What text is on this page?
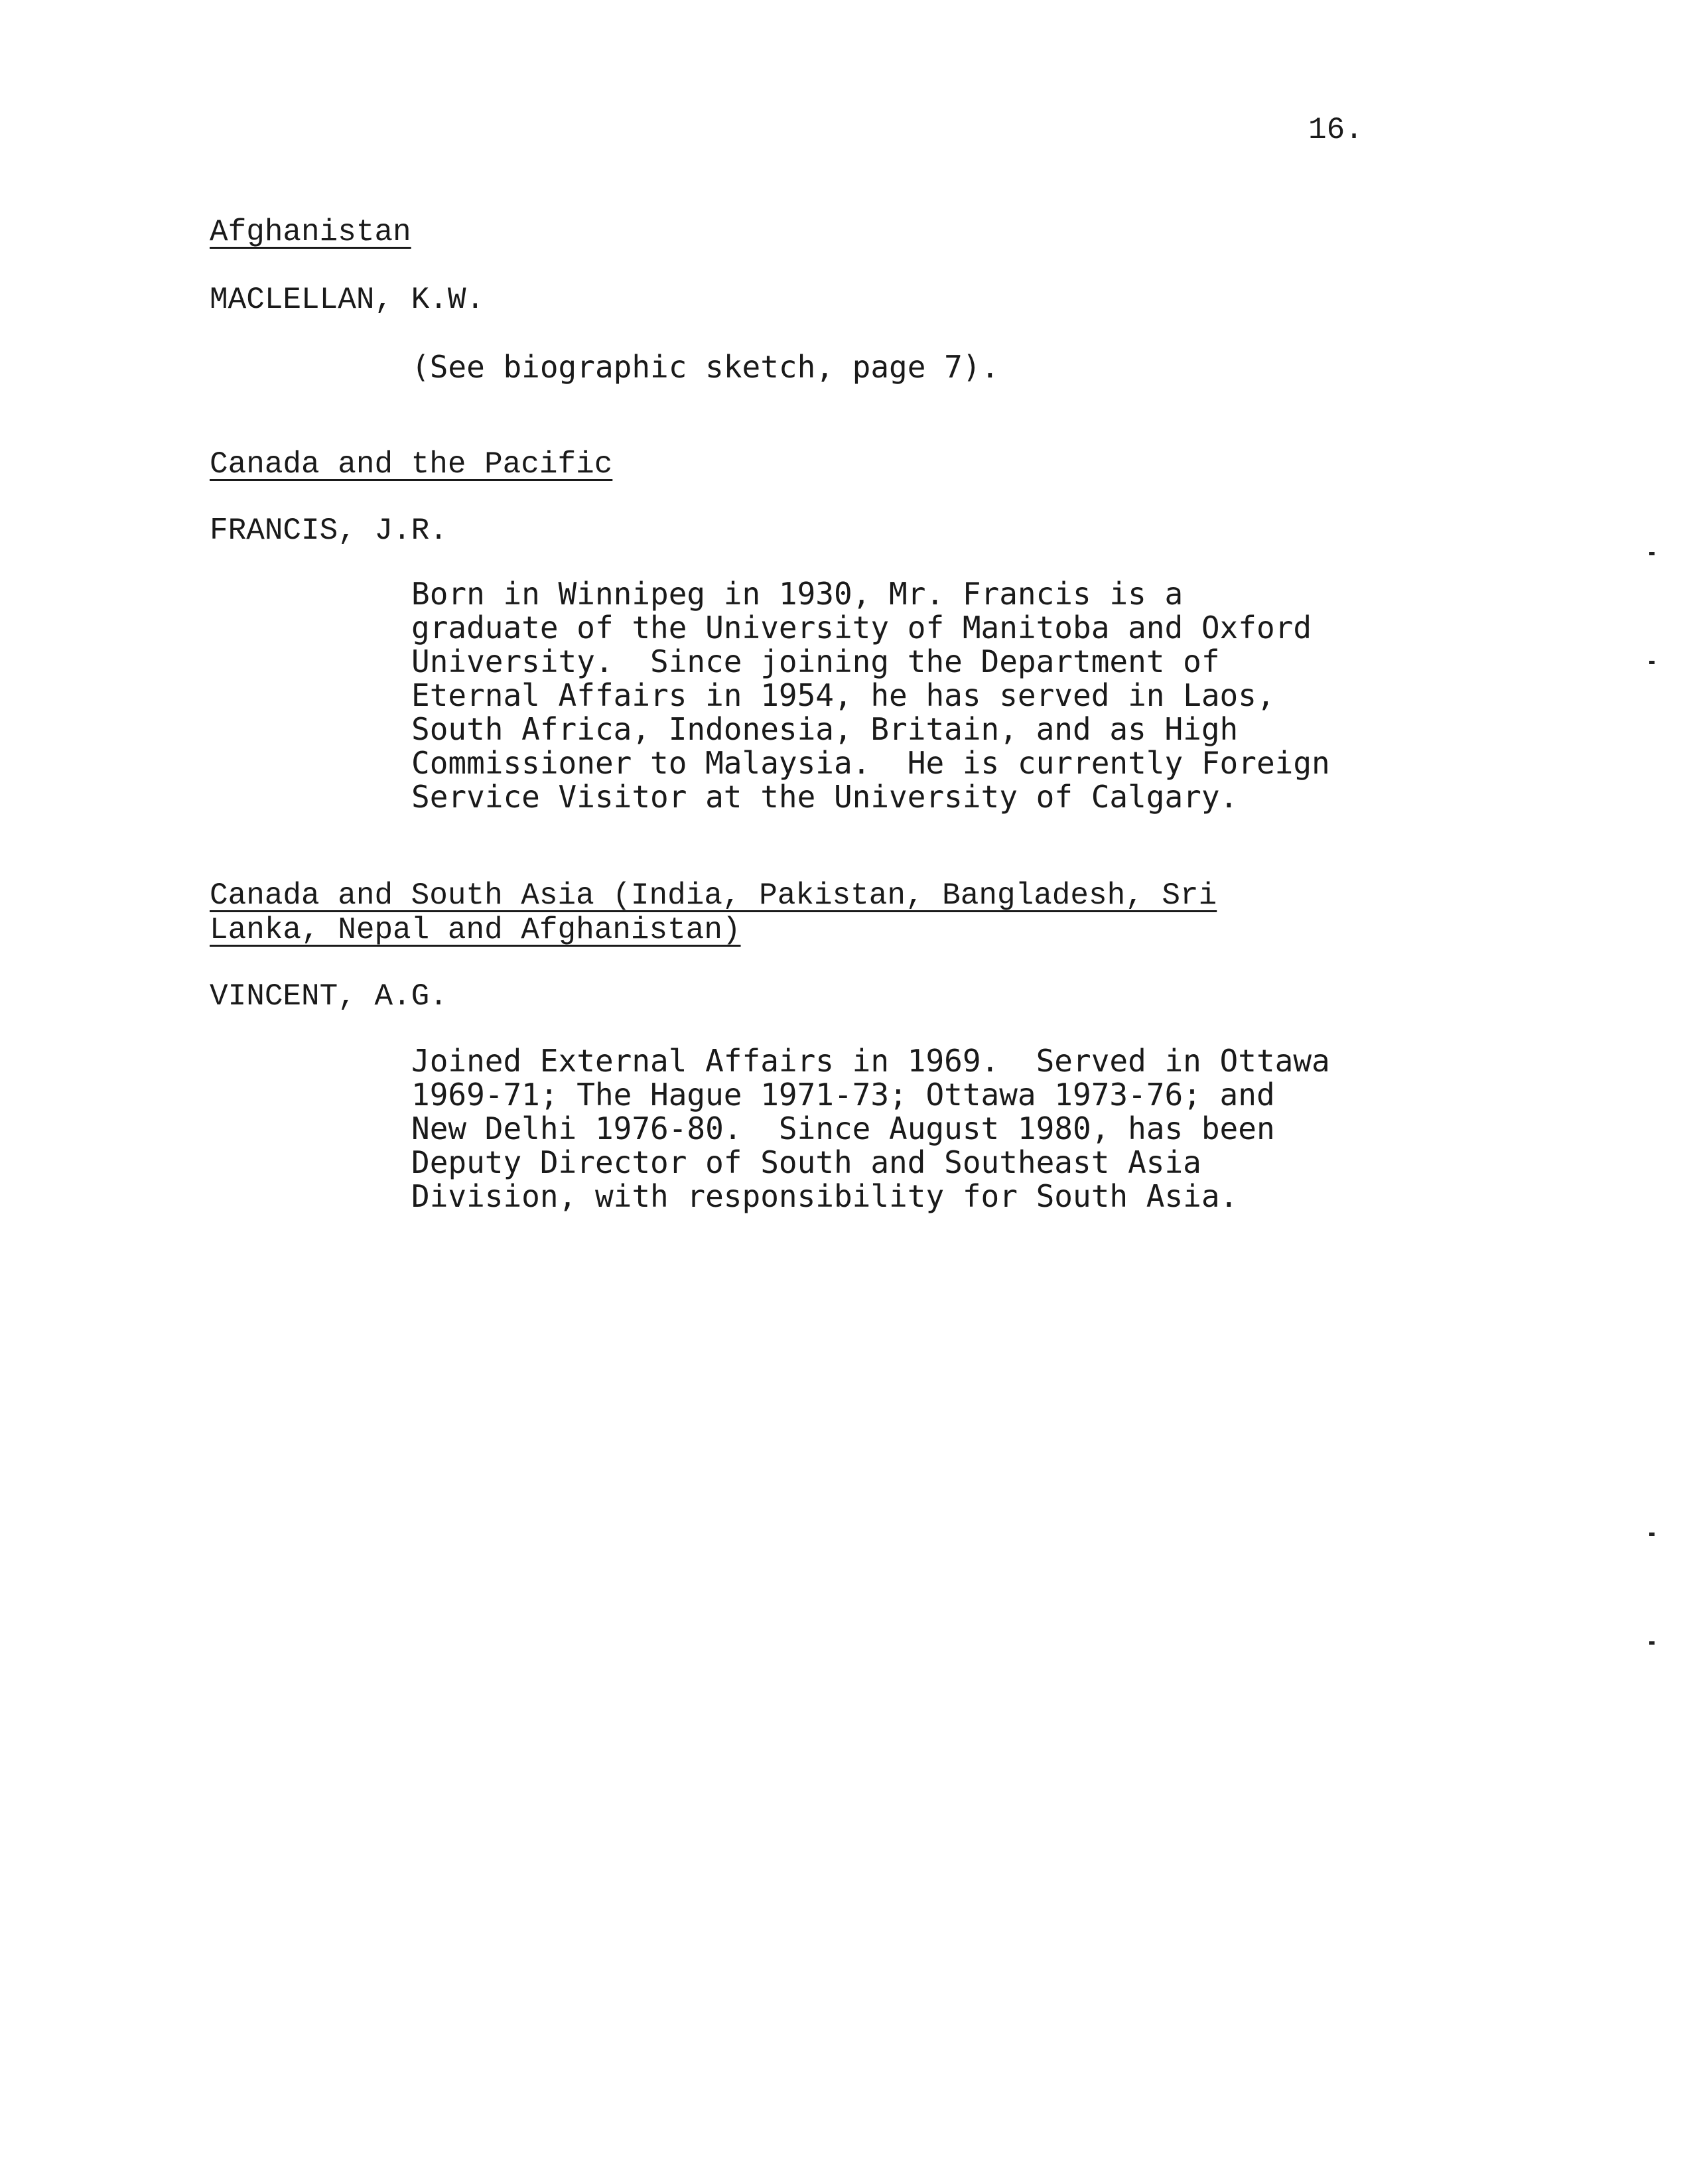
16.
Afghanistan
MACLELLAN, K.W.
(See biographic sketch, page 7).
Canada and the Pacific
FRANCIS, J.R.
Born in Winnipeg in 1930, Mr. Francis is a
graduate of the University of Manitoba and Oxford
University.  Since joining the Department of
Eternal Affairs in 1954, he has served in Laos,
South Africa, Indonesia, Britain, and as High
Commissioner to Malaysia.  He is currently Foreign
Service Visitor at the University of Calgary.
Canada and South Asia (India, Pakistan, Bangladesh, Sri
Lanka, Nepal and Afghanistan)
VINCENT, A.G.
Joined External Affairs in 1969.  Served in Ottawa
1969-71; The Hague 1971-73; Ottawa 1973-76; and
New Delhi 1976-80.  Since August 1980, has been
Deputy Director of South and Southeast Asia
Division, with responsibility for South Asia.
